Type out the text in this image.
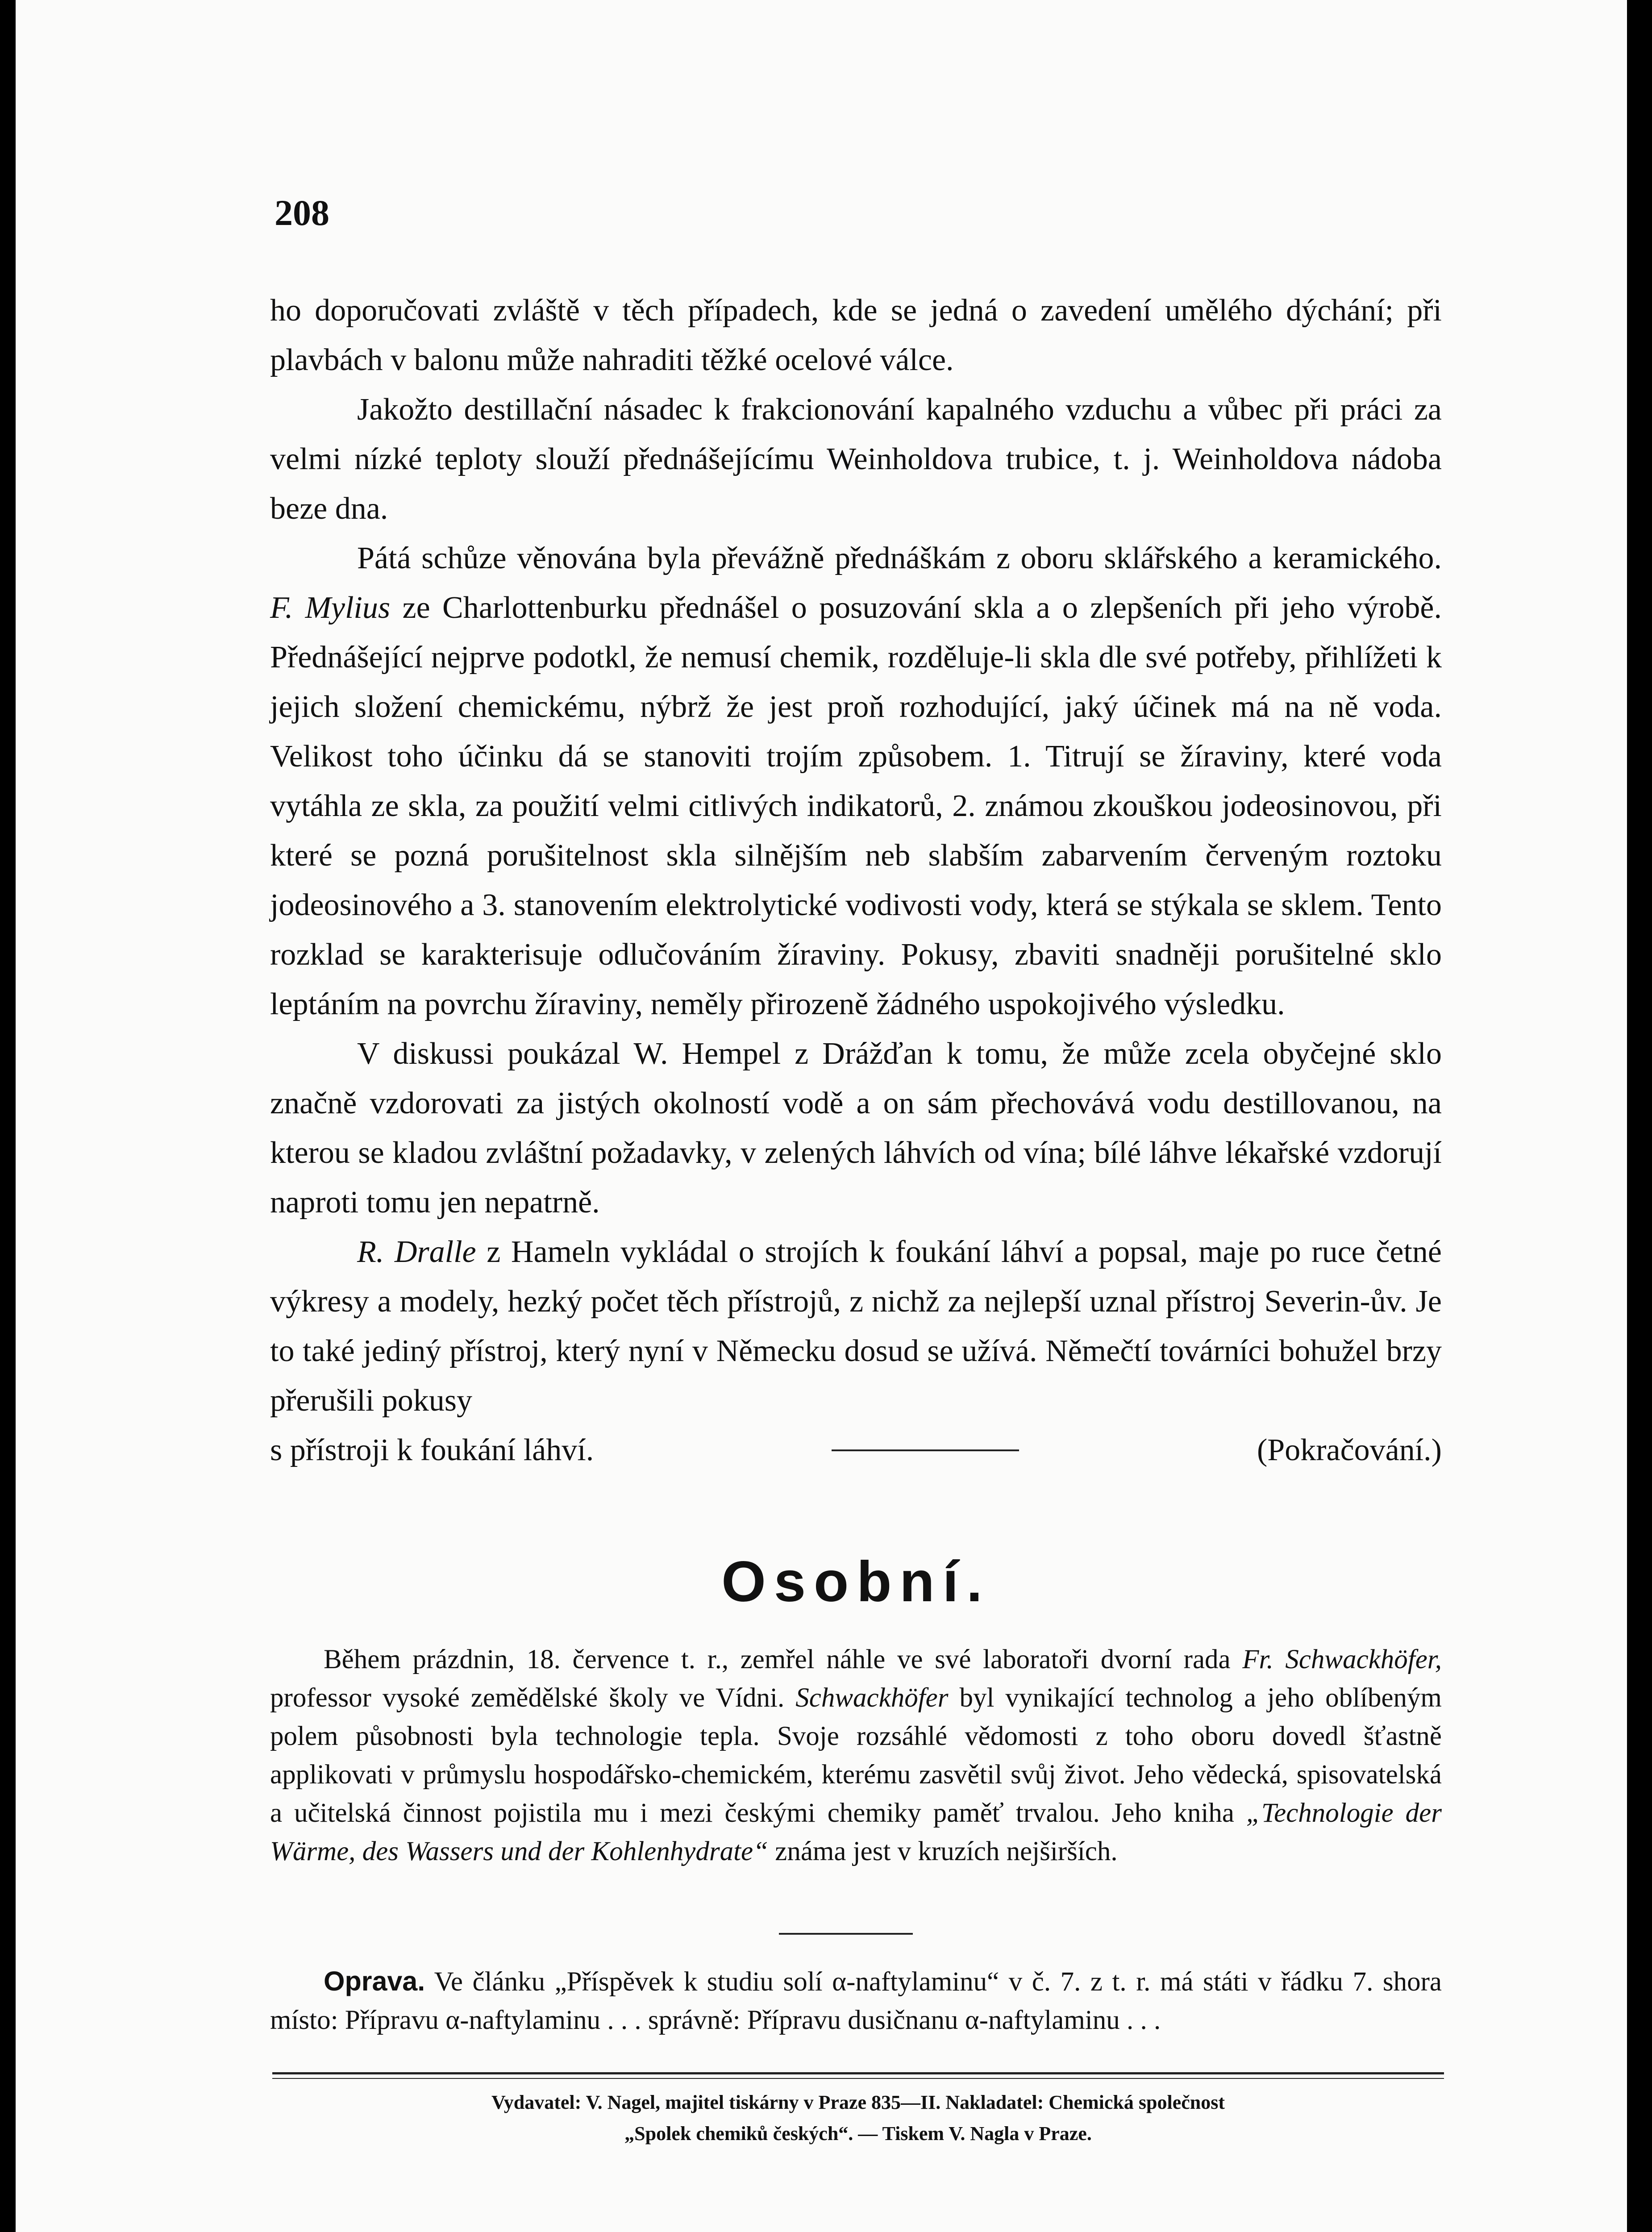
208

ho doporučovati zvláště v těch případech, kde se jedná o zavedení umělého dýchání; při plavbách v balonu může nahraditi těžké ocelové válce.

Jakožto destillační násadec k frakcionování kapalného vzduchu a vůbec při práci za velmi nízké teploty slouží přednášejícímu Weinholdova trubice, t. j. Weinholdova nádoba beze dna.

Pátá schůze věnována byla převážně přednáškám z oboru sklářského a keramického. F. Mylius ze Charlottenburku přednášel o posuzování skla a o zlepšeních při jeho výrobě. Přednášející nejprve podotkl, že nemusí chemik, rozděluje-li skla dle své potřeby, přihlížeti k jejich složení chemickému, nýbrž že jest proň rozhodující, jaký účinek má na ně voda. Velikost toho účinku dá se stanoviti trojím způsobem. 1. Titrují se žíraviny, které voda vytáhla ze skla, za použití velmi citlivých indikatorů, 2. známou zkouškou jodeosinovou, při které se pozná porušitelnost skla silnějším neb slabším zabarvením červeným roztoku jodeosinového a 3. stanovením elektrolytické vodivosti vody, která se stýkala se sklem. Tento rozklad se karakterisuje odlučováním žíraviny. Pokusy, zbaviti snadněji porušitelné sklo leptáním na povrchu žíraviny, neměly přirozeně žádného uspokojivého výsledku.

V diskussi poukázal W. Hempel z Drážďan k tomu, že může zcela obyčejné sklo značně vzdorovati za jistých okolností vodě a on sám přechovává vodu destillovanou, na kterou se kladou zvláštní požadavky, v zelených láhvích od vína; bílé láhve lékařské vzdorují naproti tomu jen nepatrně.

R. Dralle z Hameln vykládal o strojích k foukání láhví a popsal, maje po ruce četné výkresy a modely, hezký počet těch přístrojů, z nichž za nejlepší uznal přístroj Severin-ův. Je to také jediný přístroj, který nyní v Německu dosud se užívá. Němečtí továrníci bohužel brzy přerušili pokusy

s přístroji k foukání láhví.	(Pokračování.)
Osobní.

Během prázdnin, 18. července t. r., zemřel náhle ve své laboratoři dvorní rada Fr. Schwackhöfer, professor vysoké zemědělské školy ve Vídni. Schwackhöfer byl vynikající technolog a jeho oblíbeným polem působnosti byla technologie tepla. Svoje rozsáhlé vědomosti z toho oboru dovedl šťastně applikovati v průmyslu hospodářsko-chemickém, kterému zasvětil svůj život. Jeho vědecká, spisovatelská a učitelská činnost pojistila mu i mezi českými chemiky paměť trvalou. Jeho kniha „Technologie der Wärme, des Wassers und der Kohlenhydrate“ známa jest v kruzích nejširších.

Oprava. Ve článku „Příspěvek k studiu solí α-naftylaminu“ v č. 7. z t. r. má státi v řádku 7. shora místo: Přípravu α-naftylaminu . . . správně: Přípravu dusičnanu α-naftylaminu . . .

Vydavatel: V. Nagel, majitel tiskárny v Praze 835—II. Nakladatel: Chemická společnost
„Spolek chemiků českých“. — Tiskem V. Nagla v Praze.
